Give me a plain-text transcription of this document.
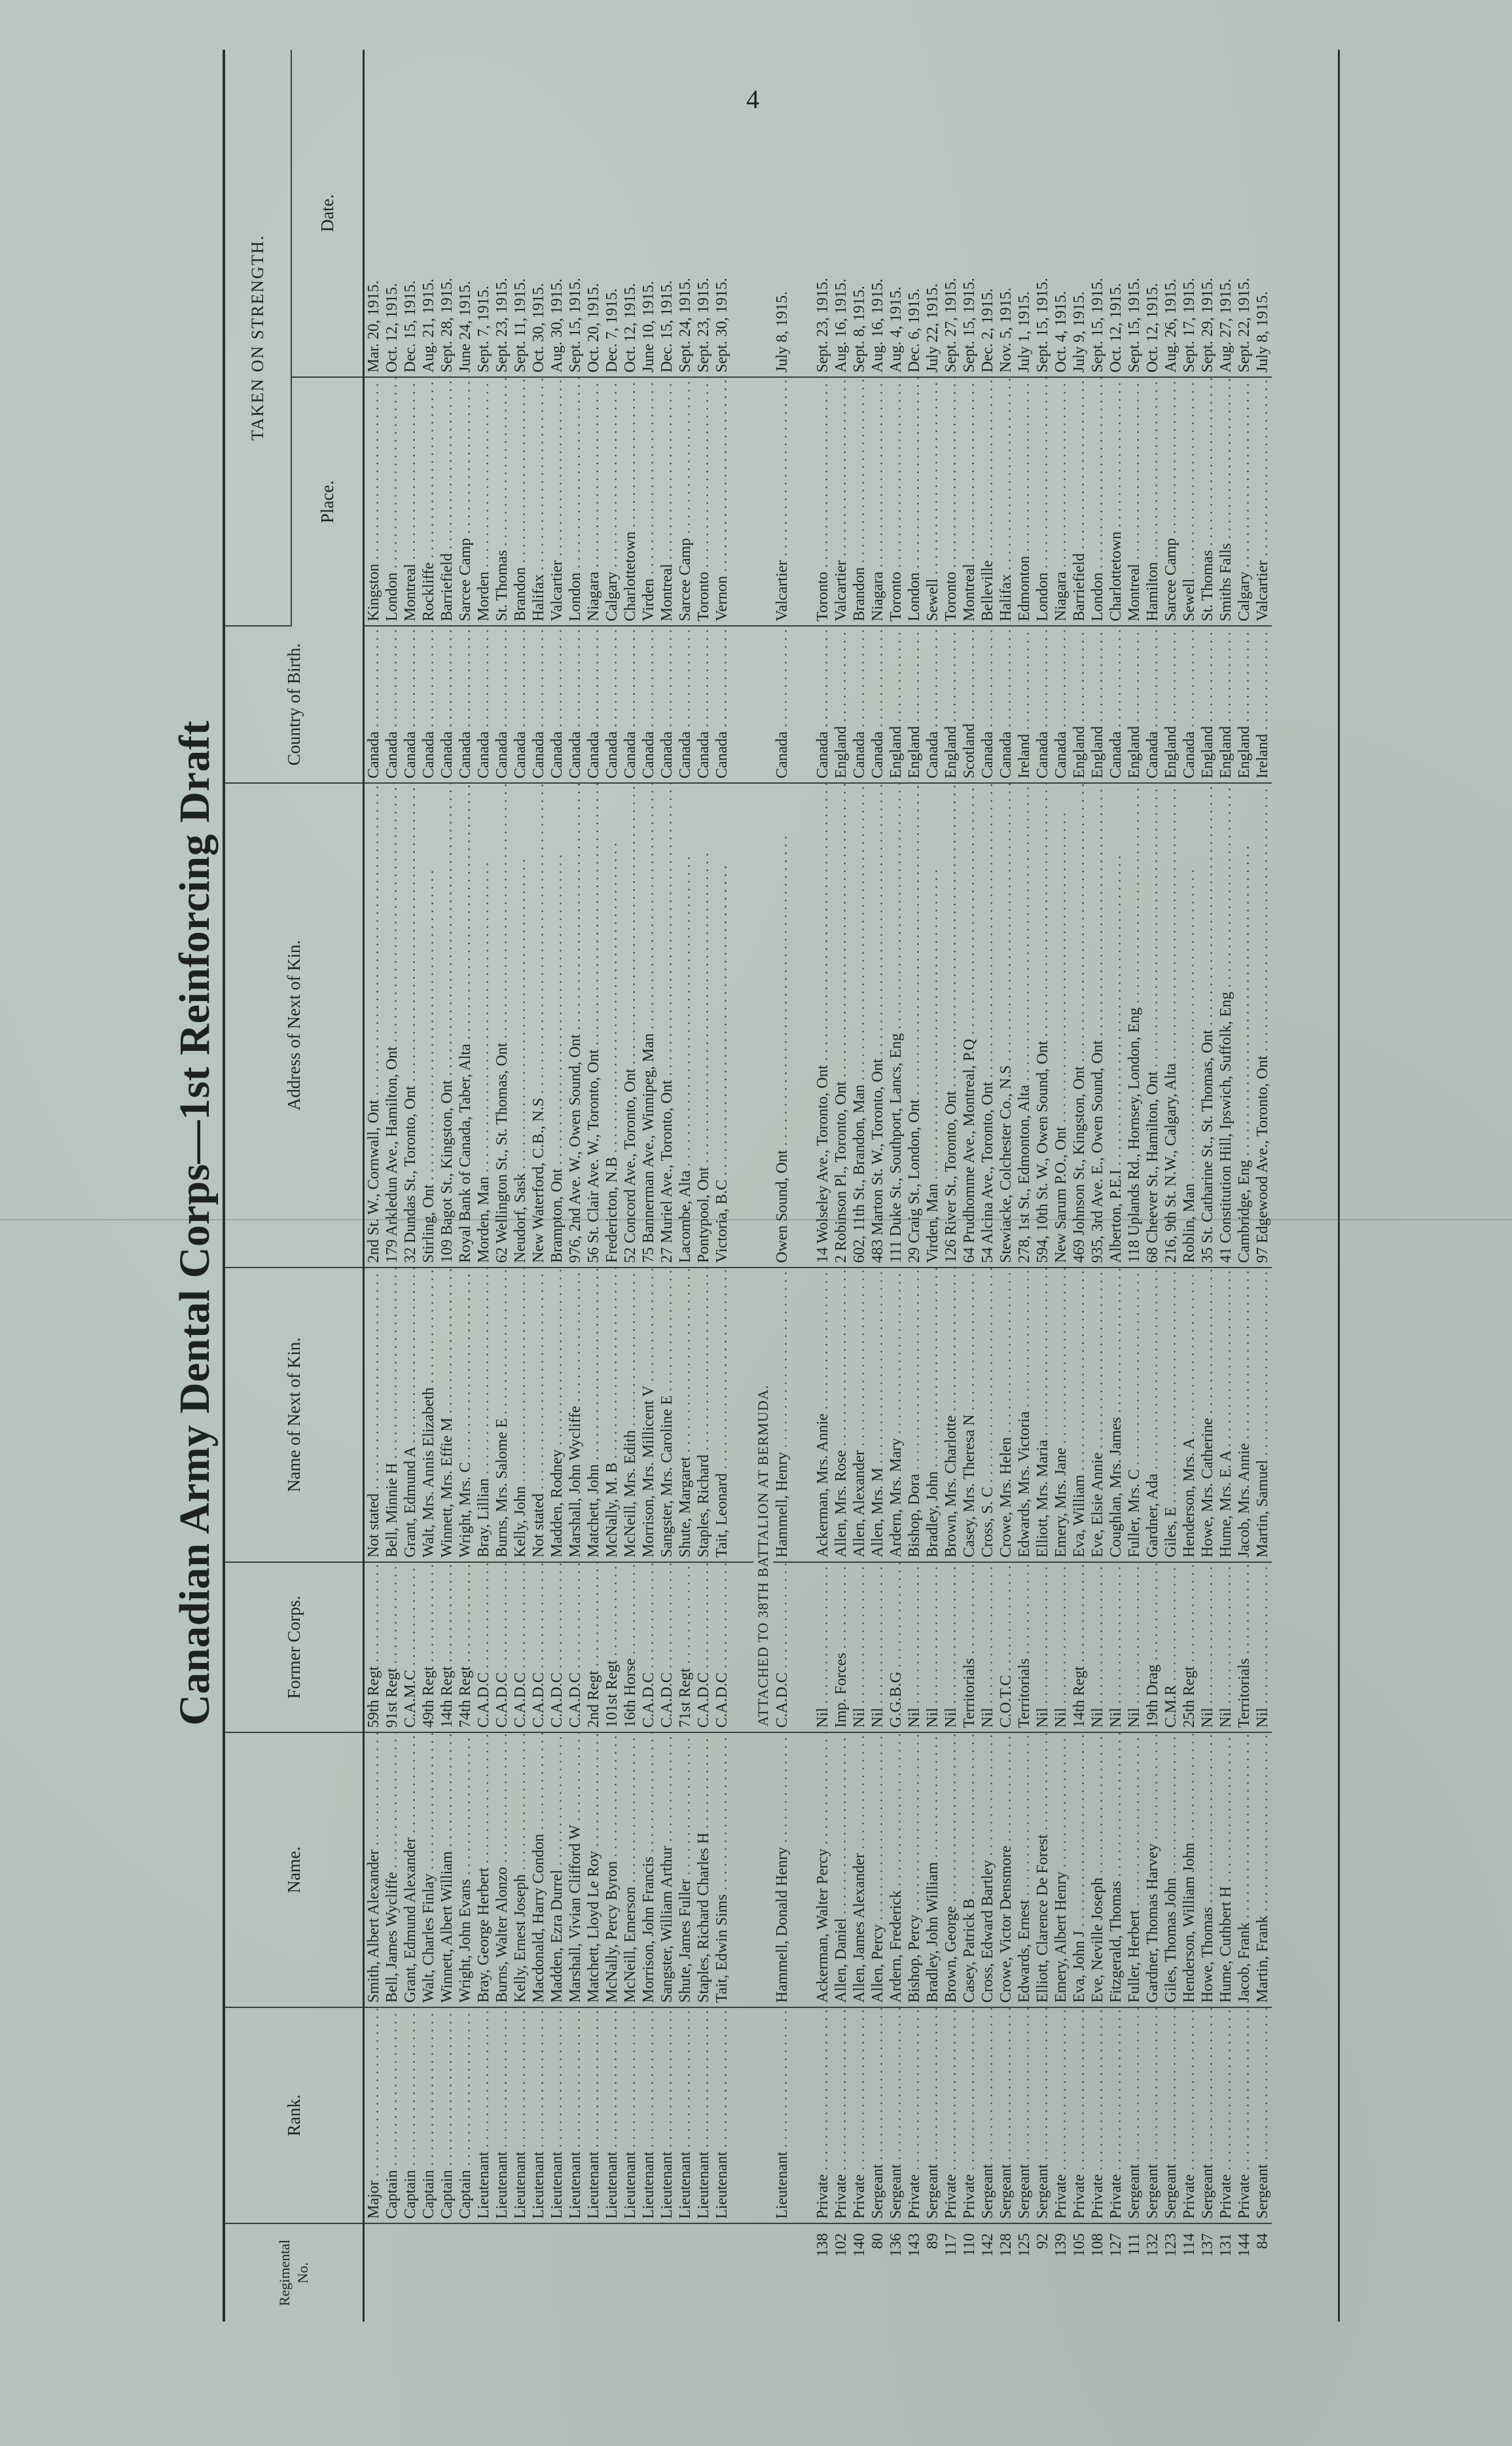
4
Canadian Army Dental Corps—1st Reinforcing Draft
Regimental No.	Rank.	Name.	Former Corps.	Name of Next of Kin.	Address of Next of Kin.	Country of Birth.	TAKEN ON STRENGTH.	
							Place.	Date.
	Major . . .	Smith, Albert Alexander . . .	59th Regt . . .	Not stated . . .	2nd St. W., Cornwall, Ont . . .	Canada . . .	Kingston . . .	Mar. 20, 1915.
	Captain . . .	Bell, James Wycliffe . . .	91st Regt . . .	Bell, Minnie H . . .	179 Arkledun Ave., Hamilton, Ont . . .	Canada . . .	London . . .	Oct. 12, 1915.
	Captain . . .	Grant, Edmund Alexander . . .	C.A.M.C . . .	Grant, Edmund A . . .	32 Dundas St., Toronto, Ont . . .	Canada . . .	Montreal . . .	Dec. 15, 1915.
	Captain . . .	Walt, Charles Finlay . . .	49th Regt . . .	Walt, Mrs. Annis Elizabeth . . .	Stirling, Ont . . .	Canada . . .	Rockliffe . . .	Aug. 21, 1915.
	Captain . . .	Winnett, Albert William . . .	14th Regt . . .	Winnett, Mrs. Effie M . . .	109 Bagot St., Kingston, Ont . . .	Canada . . .	Barriefield . . .	Sept. 28, 1915.
	Captain . . .	Wright, John Evans . . .	74th Regt . . .	Wright, Mrs. C . . .	Royal Bank of Canada, Taber, Alta . . .	Canada . . .	Sarcee Camp . . .	June 24, 1915.
	Lieutenant . . .	Bray, George Herbert . . .	C.A.D.C . . .	Bray, Lillian . . .	Morden, Man . . .	Canada . . .	Morden . . .	Sept. 7, 1915.
	Lieutenant . . .	Burns, Walter Alonzo . . .	C.A.D.C . . .	Burns, Mrs. Salome E . . .	62 Wellington St., St. Thomas, Ont . . .	Canada . . .	St. Thomas . . .	Sept. 23, 1915.
	Lieutenant . . .	Kelly, Ernest Joseph . . .	C.A.D.C . . .	Kelly, John . . .	Neudorf, Sask . . .	Canada . . .	Brandon . . .	Sept. 11, 1915.
	Lieutenant . . .	Macdonald, Harry Condon . . .	C.A.D.C . . .	Not stated . . .	New Waterford, C.B., N.S . . .	Canada . . .	Halifax . . .	Oct. 30, 1915.
	Lieutenant . . .	Madden, Ezra Durrel . . .	C.A.D.C . . .	Madden, Rodney . . .	Brampton, Ont . . .	Canada . . .	Valcartier . . .	Aug. 30, 1915.
	Lieutenant . . .	Marshall, Vivian Clifford W . . .	C.A.D.C . . .	Marshall, John Wycliffe . . .	976, 2nd Ave. W., Owen Sound, Ont . . .	Canada . . .	London . . .	Sept. 15, 1915.
	Lieutenant . . .	Matchett, Lloyd Le Roy . . .	2nd Regt . . .	Matchett, John . . .	56 St. Clair Ave. W., Toronto, Ont . . .	Canada . . .	Niagara . . .	Oct. 20, 1915.
	Lieutenant . . .	McNally, Percy Byron . . .	101st Regt . . .	McNally, M. B . . .	Fredericton, N.B . . .	Canada . . .	Calgary . . .	Dec. 7, 1915.
	Lieutenant . . .	McNeill, Emerson . . .	16th Horse . . .	McNeill, Mrs. Edith . . .	52 Concord Ave., Toronto, Ont . . .	Canada . . .	Charlottetown . . .	Oct. 12, 1915.
	Lieutenant . . .	Morrison, John Francis . . .	C.A.D.C . . .	Morrison, Mrs. Millicent V . . .	75 Bannerman Ave., Winnipeg, Man . . .	Canada . . .	Virden . . .	June 10, 1915.
	Lieutenant . . .	Sangster, William Arthur . . .	C.A.D.C . . .	Sangster, Mrs. Caroline E . . .	27 Muriel Ave., Toronto, Ont . . .	Canada . . .	Montreal . . .	Dec. 15, 1915.
	Lieutenant . . .	Shute, James Fuller . . .	71st Regt . . .	Shute, Margaret . . .	Lacombe, Alta . . .	Canada . . .	Sarcee Camp . . .	Sept. 24, 1915.
	Lieutenant . . .	Staples, Richard Charles H . . .	C.A.D.C . . .	Staples, Richard . . .	Pontypool, Ont . . .	Canada . . .	Toronto . . .	Sept. 23, 1915.
	Lieutenant . . .	Tait, Edwin Sims . . .	C.A.D.C . . .	Tait, Leonard . . .	Victoria, B.C . . .	Canada . . .	Vernon . . .	Sept. 30, 1915.

			ATTACHED TO 38TH BATTALION AT BERMUDA.					
	Lieutenant . . .	Hammell, Donald Henry . . .	C.A.D.C . . .	Hammell, Henry . . .	Owen Sound, Ont . . .	Canada . . .	Valcartier . . .	July 8, 1915.

138	Private . . .	Ackerman, Walter Percy . . .	Nil . . .	Ackerman, Mrs. Annie . . .	14 Wolseley Ave., Toronto, Ont . . .	Canada . . .	Toronto . . .	Sept. 23, 1915.
102	Private . . .	Allen, Daniel . . .	Imp. Forces . . .	Allen, Mrs. Rose . . .	2 Robinson Pl., Toronto, Ont . . .	England . . .	Valcartier . . .	Aug. 16, 1915.
140	Private . . .	Allen, James Alexander . . .	Nil . . .	Allen, Alexander . . .	602, 11th St., Brandon, Man . . .	Canada . . .	Brandon . . .	Sept. 8, 1915.
80	Sergeant . . .	Allen, Percy . . .	Nil . . .	Allen, Mrs. M . . .	483 Marton St. W., Toronto, Ont . . .	Canada . . .	Niagara . . .	Aug. 16, 1915.
136	Sergeant . . .	Ardern, Frederick . . .	G.G.B.G . . .	Ardern, Mrs. Mary . . .	111 Duke St., Southport, Lancs, Eng . . .	England . . .	Toronto . . .	Aug. 4, 1915.
143	Private . . .	Bishop, Percy . . .	Nil . . .	Bishop, Dora . . .	29 Craig St., London, Ont . . .	England . . .	London . . .	Dec. 6, 1915.
89	Sergeant . . .	Bradley, John William . . .	Nil . . .	Bradley, John . . .	Virden, Man . . .	Canada . . .	Sewell . . .	July 22, 1915.
117	Private . . .	Brown, George . . .	Nil . . .	Brown, Mrs. Charlotte . . .	126 River St., Toronto, Ont . . .	England . . .	Toronto . . .	Sept. 27, 1915.
110	Private . . .	Casey, Patrick B . . .	Territorials . . .	Casey, Mrs. Theresa N . . .	64 Prudhomme Ave., Montreal, P.Q . . .	Scotland . . .	Montreal . . .	Sept. 15, 1915.
142	Sergeant . . .	Cross, Edward Bartley . . .	Nil . . .	Cross, S. C . . .	54 Alcina Ave., Toronto, Ont . . .	Canada . . .	Belleville . . .	Dec. 2, 1915.
128	Sergeant . . .	Crowe, Victor Densmore . . .	C.O.T.C . . .	Crowe, Mrs. Helen . . .	Stewiacke, Colchester Co., N.S . . .	Canada . . .	Halifax . . .	Nov. 5, 1915.
125	Sergeant . . .	Edwards, Ernest . . .	Territorials . . .	Edwards, Mrs. Victoria . . .	278, 1st St., Edmonton, Alta . . .	Ireland . . .	Edmonton . . .	July 1, 1915.
92	Sergeant . . .	Elliott, Clarence De Forest . . .	Nil . . .	Elliott, Mrs. Maria . . .	594, 10th St. W., Owen Sound, Ont . . .	Canada . . .	London . . .	Sept. 15, 1915.
139	Private . . .	Emery, Albert Henry . . .	Nil . . .	Emery, Mrs. Jane . . .	New Sarum P.O., Ont . . .	Canada . . .	Niagara . . .	Oct. 4, 1915.
105	Private . . .	Eva, John J . . .	14th Regt . . .	Eva, William . . .	469 Johnson St., Kingston, Ont . . .	England . . .	Barriefield . . .	July 9, 1915.
108	Private . . .	Eve, Neville Joseph . . .	Nil . . .	Eve, Elsie Annie . . .	935, 3rd Ave. E., Owen Sound, Ont . . .	England . . .	London . . .	Sept. 15, 1915.
127	Private . . .	Fitzgerald, Thomas . . .	Nil . . .	Coughlan, Mrs. James . . .	Alberton, P.E.I . . .	Canada . . .	Charlottetown . . .	Oct. 12, 1915.
111	Sergeant . . .	Fuller, Herbert . . .	Nil . . .	Fuller, Mrs. C . . .	118 Uplands Rd., Hornsey, London, Eng . . .	England . . .	Montreal . . .	Sept. 15, 1915.
132	Sergeant . . .	Gardner, Thomas Harvey . . .	19th Drag . . .	Gardner, Ada . . .	68 Cheever St., Hamilton, Ont . . .	Canada . . .	Hamilton . . .	Oct. 12, 1915.
123	Sergeant . . .	Giles, Thomas John . . .	C.M.R . . .	Giles, E . . .	216, 9th St. N.W., Calgary, Alta . . .	England . . .	Sarcee Camp . . .	Aug. 26, 1915.
114	Private . . .	Henderson, William John . . .	25th Regt . . .	Henderson, Mrs. A . . .	Roblin, Man . . .	Canada . . .	Sewell . . .	Sept. 17, 1915.
137	Sergeant . . .	Howe, Thomas . . .	Nil . . .	Howe, Mrs. Catherine . . .	35 St. Catharine St., St. Thomas, Ont . . .	England . . .	St. Thomas . . .	Sept. 29, 1915.
131	Private . . .	Hume, Cuthbert H . . .	Nil . . .	Hume, Mrs. E. A . . .	41 Constitution Hill, Ipswich, Suffolk, Eng . . .	England . . .	Smiths Falls . . .	Aug. 27, 1915.
144	Private . . .	Jacob, Frank . . .	Territorials . . .	Jacob, Mrs. Annie . . .	Cambridge, Eng . . .	England . . .	Calgary . . .	Sept. 22, 1915.
84	Sergeant . . .	Martin, Frank . . .	Nil . . .	Martin, Samuel . . .	97 Edgewood Ave., Toronto, Ont . . .	Ireland . . .	Valcartier . . .	July 8, 1915.
